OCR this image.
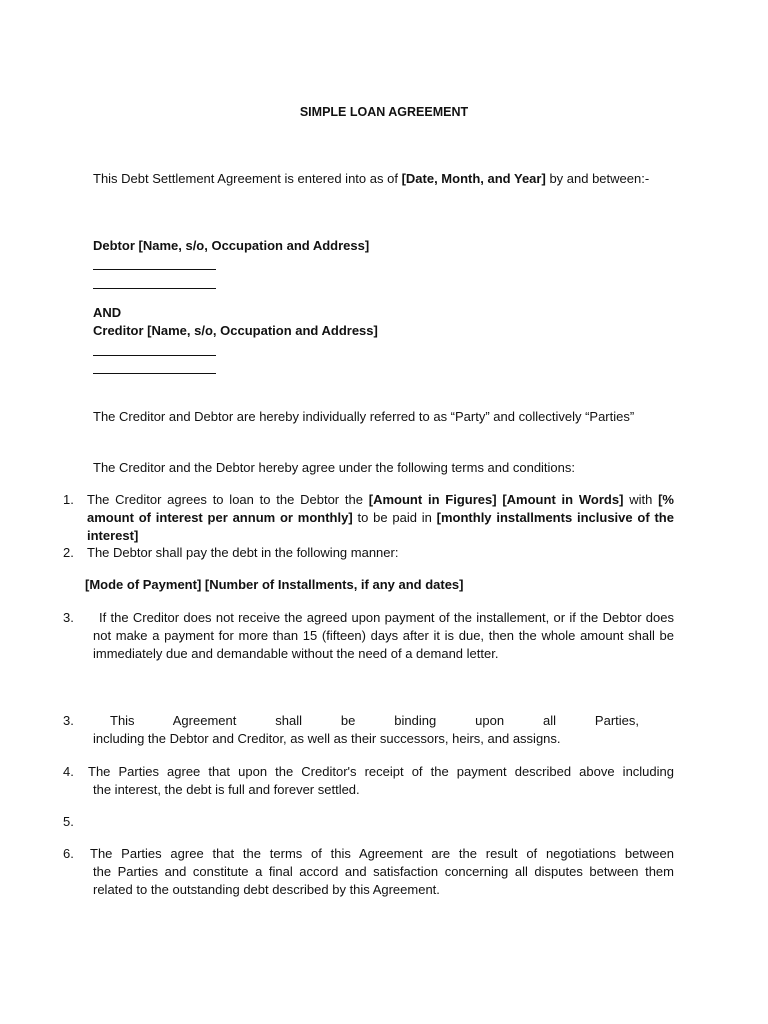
SIMPLE LOAN AGREEMENT
This Debt Settlement Agreement is entered into as of [Date, Month, and Year] by and between:-
Debtor [Name, s/o, Occupation and Address]
AND
Creditor [Name, s/o, Occupation and Address]
The Creditor and Debtor are hereby individually referred to as “Party” and collectively “Parties”
The Creditor and the Debtor hereby agree under the following terms and conditions:
1.	The Creditor agrees to loan to the Debtor the [Amount in Figures] [Amount in Words] with [% amount of interest per annum or monthly] to be paid in [monthly installments inclusive of the interest]
2.	The Debtor shall pay the debt in the following manner:
[Mode of Payment] [Number of Installments, if any and dates]
3.	If the Creditor does not receive the agreed upon payment of the installement, or if the Debtor does not make a payment for more than 15 (fifteen) days after it is due, then the whole amount shall be immediately due and demandable without the need of a demand letter.
3.	This Agreement shall be binding upon all Parties,
including the Debtor and Creditor, as well as their successors, heirs, and assigns.
4.	The Parties agree that upon the Creditor's receipt of the payment described above including
the interest, the debt is full and forever settled.
5.
6.	The Parties agree that the terms of this Agreement are the result of negotiations between
the Parties and constitute a final accord and satisfaction concerning all disputes between them related to the outstanding debt described by this Agreement.
